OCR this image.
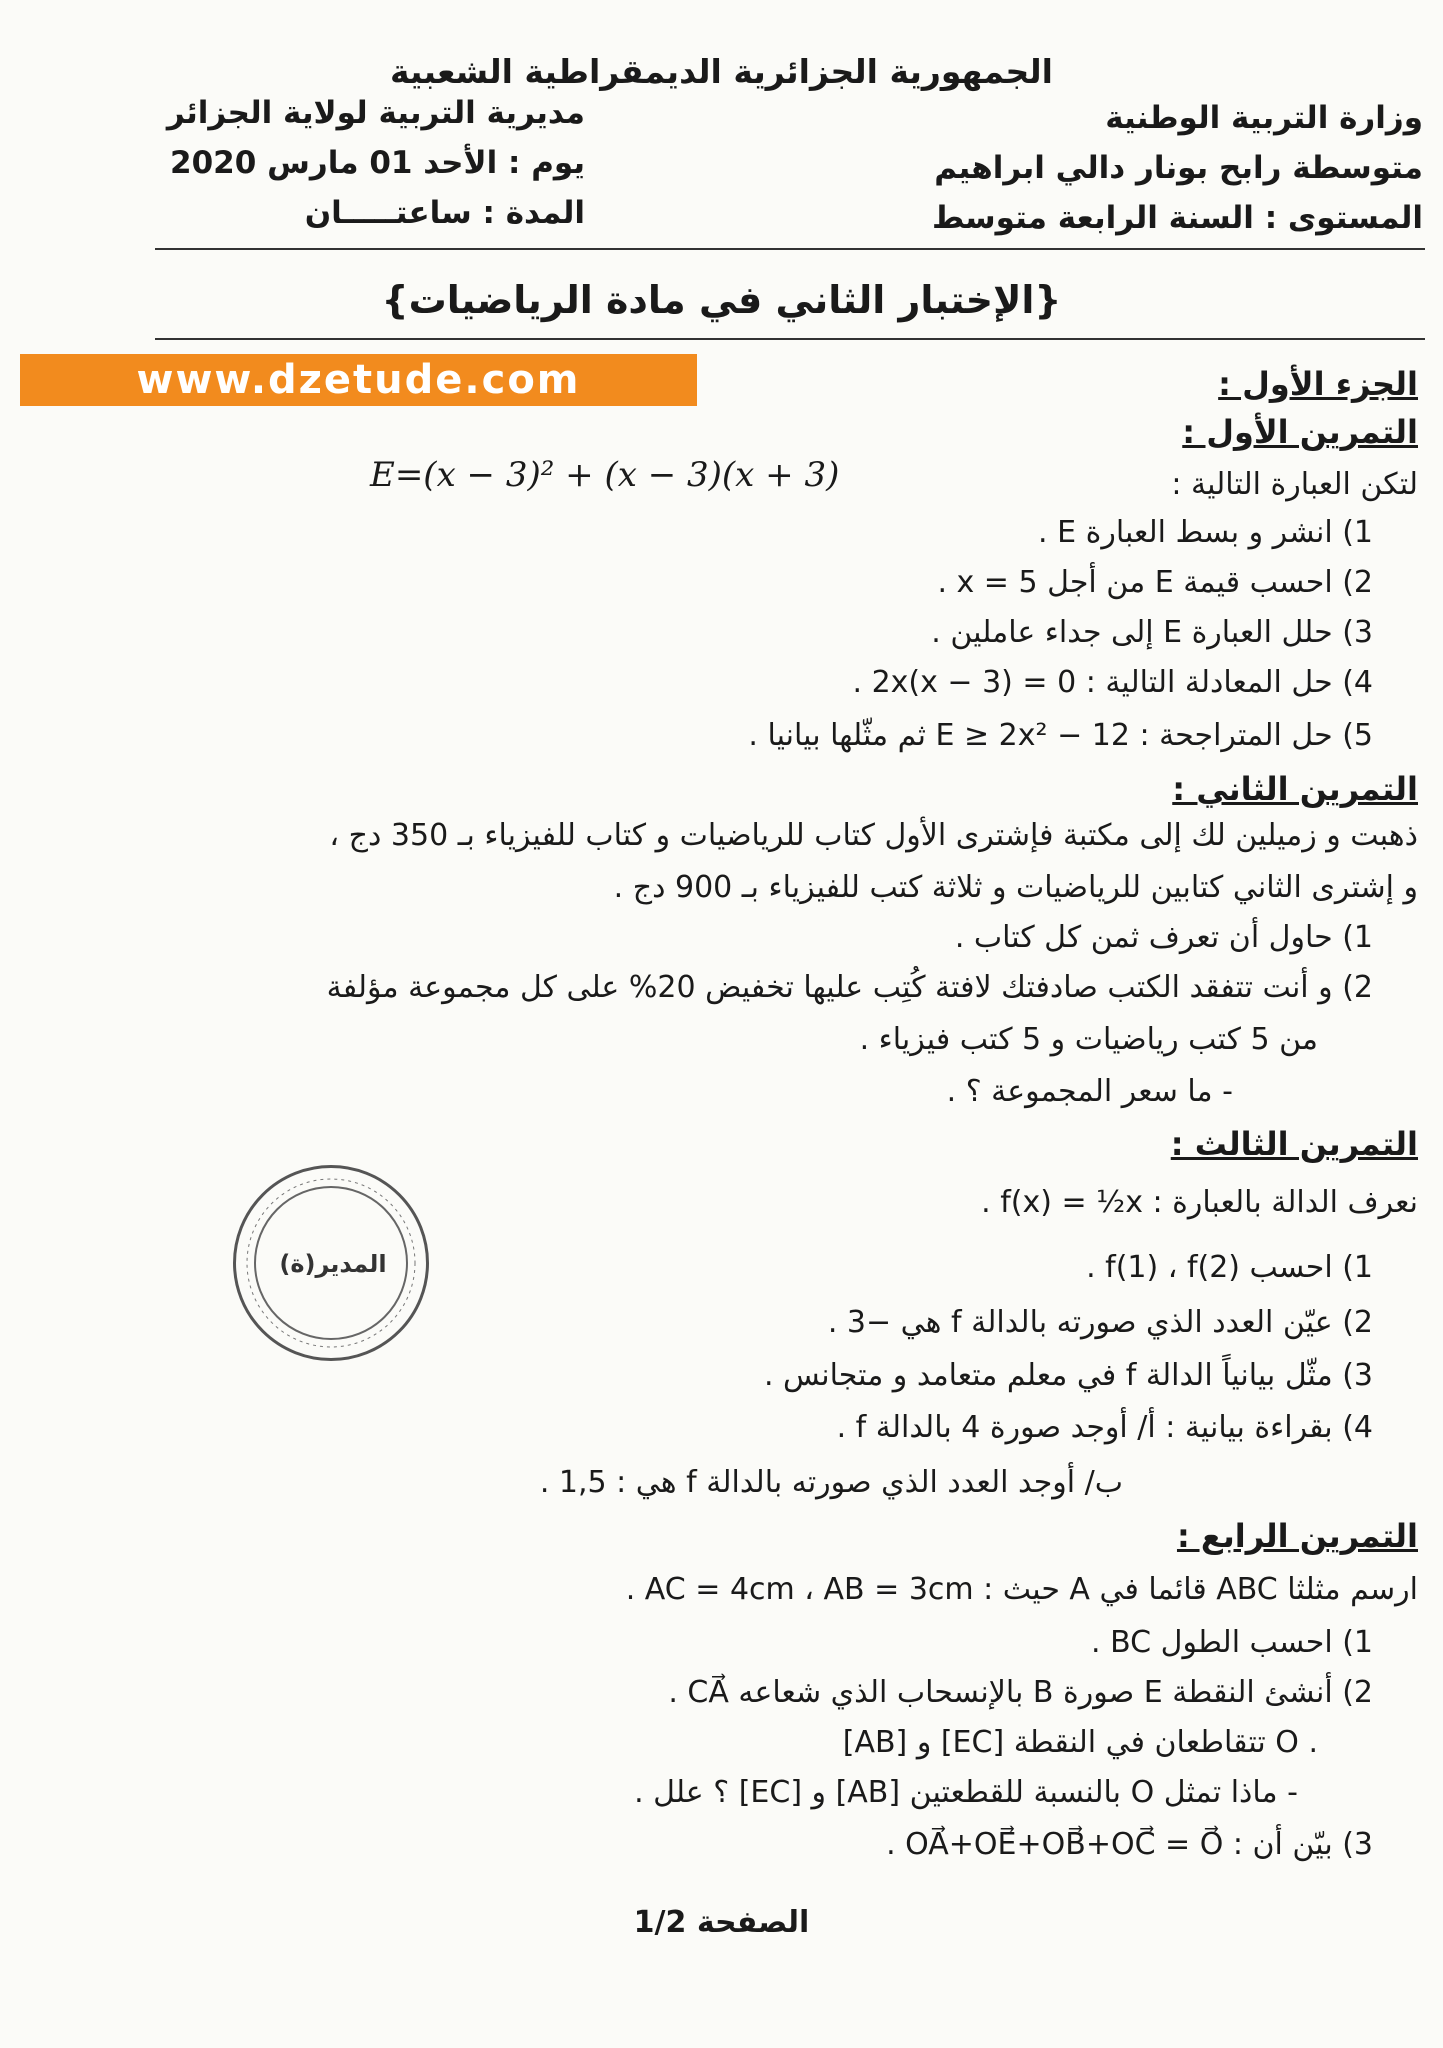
الجمهورية الجزائرية الديمقراطية الشعبية
وزارة التربية الوطنية
متوسطة رابح بونار دالي ابراهيم
المستوى : السنة الرابعة متوسط
مديرية التربية لولاية الجزائر
يوم : الأحد 01 مارس 2020
المدة : ساعتـــــان
{الإختبار الثاني في مادة الرياضيات}
www.dzetude.com	الجزء الأول :
التمرين الأول :
E=(x − 3)² + (x − 3)(x + 3)	لتكن العبارة التالية :
1) انشر و بسط العبارة E .
2) احسب قيمة E من أجل x = 5 .
3) حلل العبارة E إلى جداء عاملين .
4) حل المعادلة التالية : 2x(x − 3) = 0 .
5) حل المتراجحة : E ≥ 2x² − 12 ثم مثّلها بيانيا .
التمرين الثاني :
ذهبت و زميلين لك إلى مكتبة فإشترى الأول كتاب للرياضيات و كتاب للفيزياء بـ 350 دج ،
و إشترى الثاني كتابين للرياضيات و ثلاثة كتب للفيزياء بـ 900 دج .
1) حاول أن تعرف ثمن كل كتاب .
2) و أنت تتفقد الكتب صادفتك لافتة كُتِب عليها تخفيض 20% على كل مجموعة مؤلفة
من 5 كتب رياضيات و 5 كتب فيزياء .
- ما سعر المجموعة ؟ .
التمرين الثالث :
نعرف الدالة بالعبارة : f(x) = ½x .
1) احسب f(1) ، f(2) .
2) عيّن العدد الذي صورته بالدالة f هي −3 .
3) مثّل بيانياً الدالة f في معلم متعامد و متجانس .
4) بقراءة بيانية : أ/ أوجد صورة 4 بالدالة f .
ب/ أوجد العدد الذي صورته بالدالة f هي : 1,5 .
المدير(ة)
التمرين الرابع :
ارسم مثلثا ABC قائما في A حيث : AC = 4cm ، AB = 3cm .
1) احسب الطول BC .
2) أنشئ النقطة E صورة B بالإنسحاب الذي شعاعه CA⃗ .
[AB] و [EC] تتقاطعان في النقطة O .
- ماذا تمثل O بالنسبة للقطعتين [AB] و [EC] ؟ علل .
3) بيّن أن : OA⃗+OE⃗+OB⃗+OC⃗ = O⃗ .
الصفحة 1/2
